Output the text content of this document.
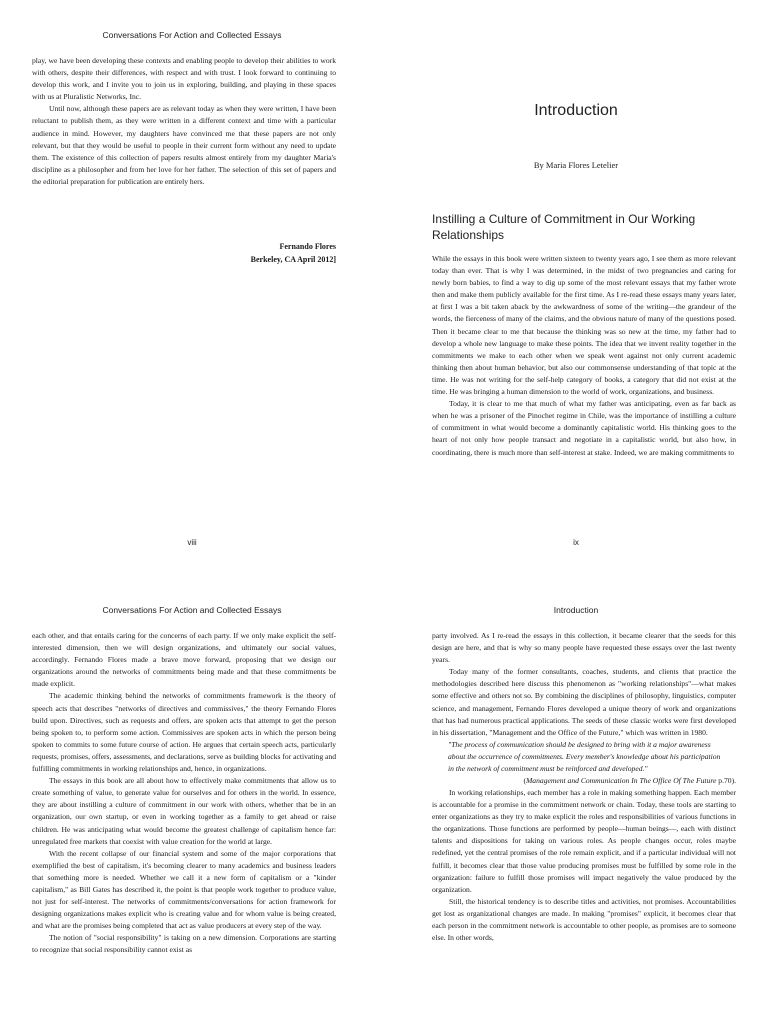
Conversations For Action and Collected Essays

play, we have been developing these contexts and enabling people to develop their abilities to work with others, despite their differences, with respect and with trust. I look forward to continuing to develop this work, and I invite you to join us in exploring, building, and playing in these spaces with us at Pluralistic Networks, Inc.

Until now, although these papers are as relevant today as when they were written, I have been reluctant to publish them, as they were written in a different context and time with a particular audience in mind. However, my daughters have convinced me that these papers are not only relevant, but that they would be useful to people in their current form without any need to update them. The existence of this collection of papers results almost entirely from my daughter Maria's discipline as a philosopher and from her love for her father. The selection of this set of papers and the editorial preparation for publication are entirely hers.

Fernando Flores
Berkeley, CA April 2012]
viii
Introduction
By Maria Flores Letelier
Instilling a Culture of Commitment in Our Working Relationships

While the essays in this book were written sixteen to twenty years ago, I see them as more relevant today than ever. That is why I was determined, in the midst of two pregnancies and caring for newly born babies, to find a way to dig up some of the most relevant essays that my father wrote then and make them publicly available for the first time. As I re-read these essays many years later, at first I was a bit taken aback by the awkwardness of some of the writing—the grandeur of the words, the fierceness of many of the claims, and the obvious nature of many of the questions posed. Then it became clear to me that because the thinking was so new at the time, my father had to develop a whole new language to make these points. The idea that we invent reality together in the commitments we make to each other when we speak went against not only current academic thinking then about human behavior, but also our commonsense understanding of that topic at the time. He was not writing for the self-help category of books, a category that did not exist at the time. He was bringing a human dimension to the world of work, organizations, and business.

Today, it is clear to me that much of what my father was anticipating, even as far back as when he was a prisoner of the Pinochet regime in Chile, was the importance of instilling a culture of commitment in what would become a dominantly capitalistic world. His thinking goes to the heart of not only how people transact and negotiate in a capitalistic world, but also how, in coordinating, there is much more than self-interest at stake. Indeed, we are making commitments to

ix
Conversations For Action and Collected Essays

each other, and that entails caring for the concerns of each party. If we only make explicit the self-interested dimension, then we will design organizations, and ultimately our social values, accordingly. Fernando Flores made a brave move forward, proposing that we design our organizations around the networks of commitments being made and that these commitments be made explicit.

The academic thinking behind the networks of commitments framework is the theory of speech acts that describes "networks of directives and commissives," the theory Fernando Flores build upon. Directives, such as requests and offers, are spoken acts that attempt to get the person being spoken to, to perform some action. Commissives are spoken acts in which the person being spoken to commits to some future course of action. He argues that certain speech acts, particularly requests, promises, offers, assessments, and declarations, serve as building blocks for activating and fulfilling commitments in working relationships and, hence, in organizations.

The essays in this book are all about how to effectively make commitments that allow us to create something of value, to generate value for ourselves and for others in the world. In essence, they are about instilling a culture of commitment in our work with others, whether that be in an organization, our own startup, or even in working together as a family to get ahead or raise children. He was anticipating what would become the greatest challenge of capitalism hence far: unregulated free markets that coexist with value creation for the world at large.

With the recent collapse of our financial system and some of the major corporations that exemplified the best of capitalism, it's becoming clearer to many academics and business leaders that something more is needed. Whether we call it a new form of capitalism or a "kinder capitalism," as Bill Gates has described it, the point is that people work together to produce value, not just for self-interest. The networks of commitments/conversations for action framework for designing organizations makes explicit who is creating value and for whom value is being created, and what are the promises being completed that act as value producers at every step of the way.

The notion of "social responsibility" is taking on a new dimension. Corporations are starting to recognize that social responsibility cannot exist as

Introduction

party involved. As I re-read the essays in this collection, it became clearer that the seeds for this design are here, and that is why so many people have requested these essays over the last twenty years.

Today many of the former consultants, coaches, students, and clients that practice the methodologies described here discuss this phenomenon as "working relationships"—what makes some effective and others not so. By combining the disciplines of philosophy, linguistics, computer science, and management, Fernando Flores developed a unique theory of work and organizations that has had numerous practical applications. The seeds of these classic works were first developed in his dissertation, "Management and the Office of the Future," which was written in 1980.

"The process of communication should be designed to bring with it a major awareness about the occurrence of commitments. Every member's knowledge about his participation in the network of commitment must be reinforced and developed."

(Management and Communication In The Office Of The Future p.70).

In working relationships, each member has a role in making something happen. Each member is accountable for a promise in the commitment network or chain. Today, these tools are starting to enter organizations as they try to make explicit the roles and responsibilities of various functions in the organizations. Those functions are performed by people—human beings—, each with distinct talents and dispositions for taking on various roles. As people changes occur, roles maybe redefined, yet the central promises of the role remain explicit, and if a particular individual will not fulfill, it becomes clear that those value producing promises must be fulfilled by some role in the organization: failure to fulfill those promises will impact negatively the value produced by the organization.

Still, the historical tendency is to describe titles and activities, not promises. Accountabilities get lost as organizational changes are made. In making "promises" explicit, it becomes clear that each person in the commitment network is accountable to other people, as promises are to someone else. In other words,
